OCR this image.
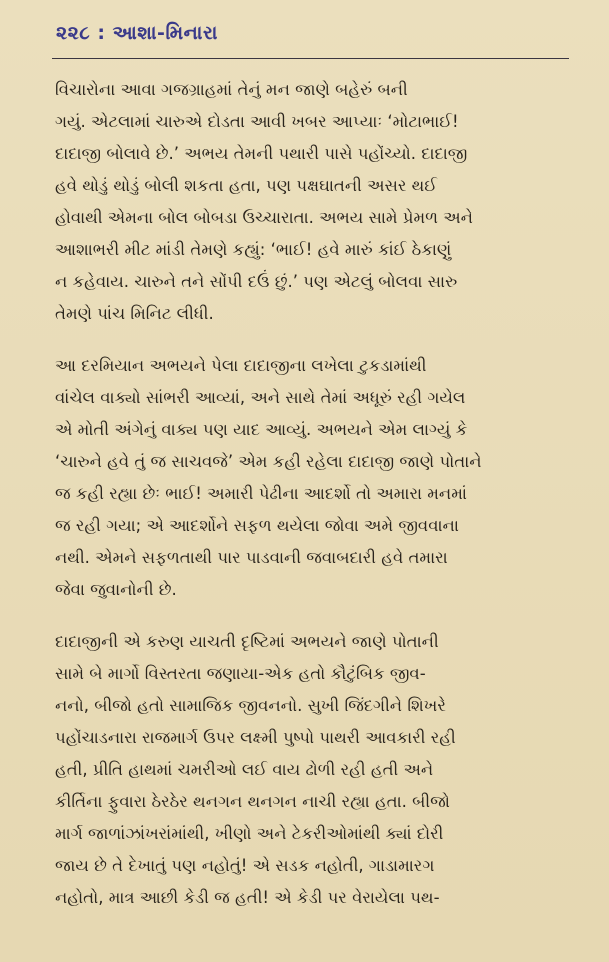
૨૨૮ : આશા-મિનારા
વિચારોના આવા ગજગ્રાહમાં તેનું મન જાણે બહેરું બની
ગયું. એટલામાં ચારુએ દોડતા આવી ખબર આપ્યાઃ ‘મોટાભાઈ!
દાદાજી બોલાવે છે.’ અભય તેમની પથારી પાસે પહોંચ્યો. દાદાજી
હવે થોડું થોડું બોલી શકતા હતા, પણ પક્ષઘાતની અસર થઈ
હોવાથી એમના બોલ બોબડા ઉચ્ચારાતા. અભય સામે પ્રેમળ અને
આશાભરી મીટ માંડી તેમણે કહ્યું: ‘ભાઈ! હવે મારું કાંઈ ઠેકાણું
ન કહેવાય. ચારુને તને સોંપી દઉં છું.’ પણ એટલું બોલવા સારુ
તેમણે પાંચ મિનિટ લીધી.
આ દરમિયાન અભયને પેલા દાદાજીના લખેલા ટુકડામાંથી
વાંચેલ વાક્યો સાંભરી આવ્યાં, અને સાથે તેમાં અધૂરું રહી ગયેલ
એ મોતી અંગેનું વાક્ય પણ યાદ આવ્યું. અભયને એમ લાગ્યું કે
‘ચારુને હવે તું જ સાચવજે’ એમ કહી રહેલા દાદાજી જાણે પોતાને
જ કહી રહ્યા છેઃ ભાઈ! અમારી પેઢીના આદર્શો તો અમારા મનમાં
જ રહી ગયા; એ આદર્શોને સફળ થયેલા જોવા અમે જીવવાના
નથી. એમને સફળતાથી પાર પાડવાની જવાબદારી હવે તમારા
જેવા જુવાનોની છે.
દાદાજીની એ કરુણ યાચતી દૃષ્ટિમાં અભયને જાણે પોતાની
સામે બે માર્ગો વિસ્તરતા જણાયા-એક હતો કૌટુંબિક જીવ-
નનો, બીજો હતો સામાજિક જીવનનો. સુખી જિંદગીને શિખરે
પહોંચાડનારા રાજમાર્ગ ઉપર લક્ષ્મી પુષ્પો પાથરી આવકારી રહી
હતી, પ્રીતિ હાથમાં ચમરીઓ લઈ વાય ઢોળી રહી હતી અને
કીર્તિના ફુવારા ઠેરઠેર થનગન થનગન નાચી રહ્યા હતા. બીજો
માર્ગ જાળાંઝાંખરાંમાંથી, ખીણો અને ટેકરીઓમાંથી ક્યાં દોરી
જાય છે તે દેખાતું પણ નહોતું! એ સડક નહોતી, ગાડામારગ
નહોતો, માત્ર આછી કેડી જ હતી! એ કેડી પર વેરાયેલા પથ-
